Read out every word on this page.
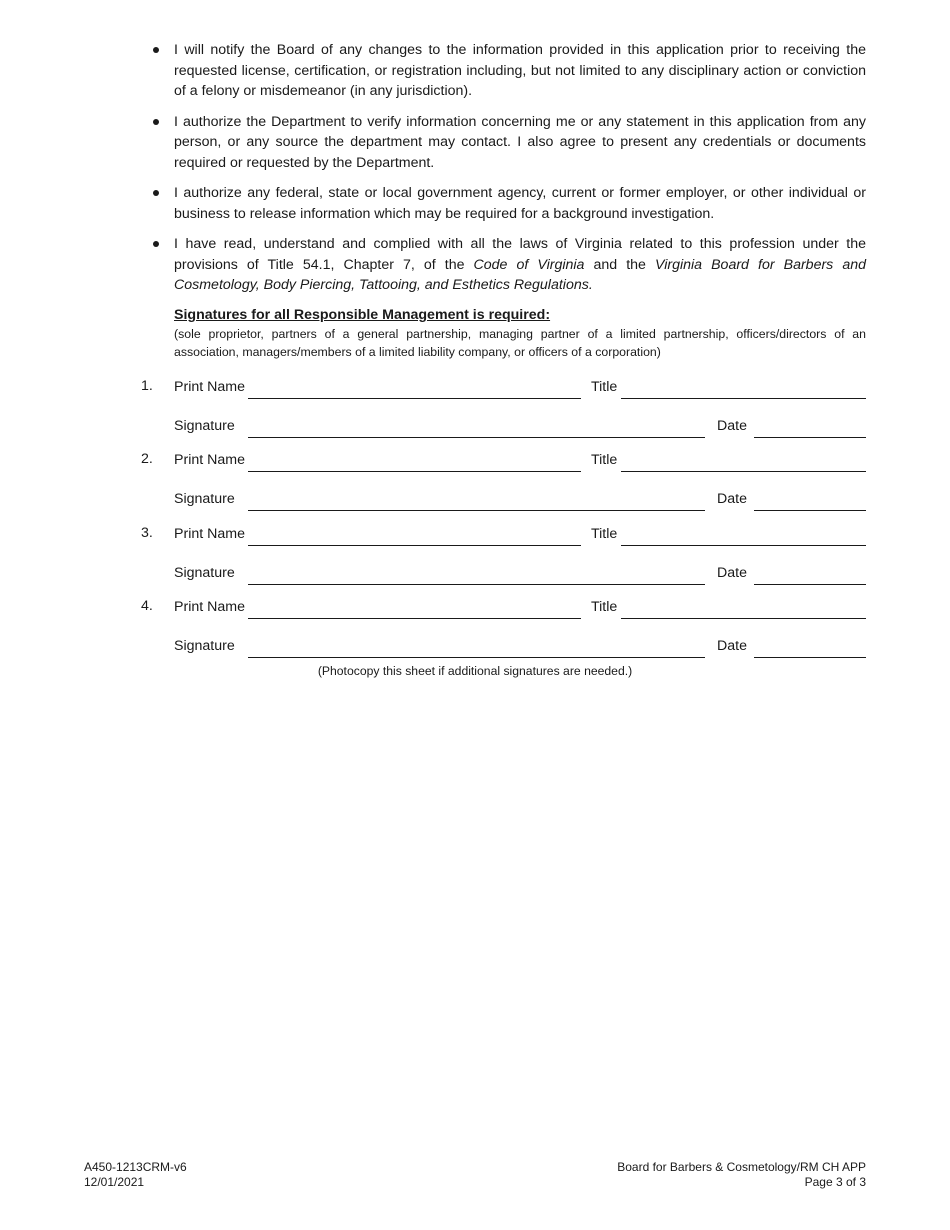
I will notify the Board of any changes to the information provided in this application prior to receiving the requested license, certification, or registration including, but not limited to any disciplinary action or conviction of a felony or misdemeanor (in any jurisdiction).
I authorize the Department to verify information concerning me or any statement in this application from any person, or any source the department may contact. I also agree to present any credentials or documents required or requested by the Department.
I authorize any federal, state or local government agency, current or former employer, or other individual or business to release information which may be required for a background investigation.
I have read, understand and complied with all the laws of Virginia related to this profession under the provisions of Title 54.1, Chapter 7, of the Code of Virginia and the Virginia Board for Barbers and Cosmetology, Body Piercing, Tattooing, and Esthetics Regulations.
Signatures for all Responsible Management is required:
(sole proprietor, partners of a general partnership, managing partner of a limited partnership, officers/directors of an association, managers/members of a limited liability company, or officers of a corporation)
1. Print Name	Title
Signature	Date
2. Print Name	Title
Signature	Date
3. Print Name	Title
Signature	Date
4. Print Name	Title
Signature	Date
(Photocopy this sheet if additional signatures are needed.)
A450-1213CRM-v6
12/01/2021
Board for Barbers & Cosmetology/RM CH APP
Page 3 of 3
